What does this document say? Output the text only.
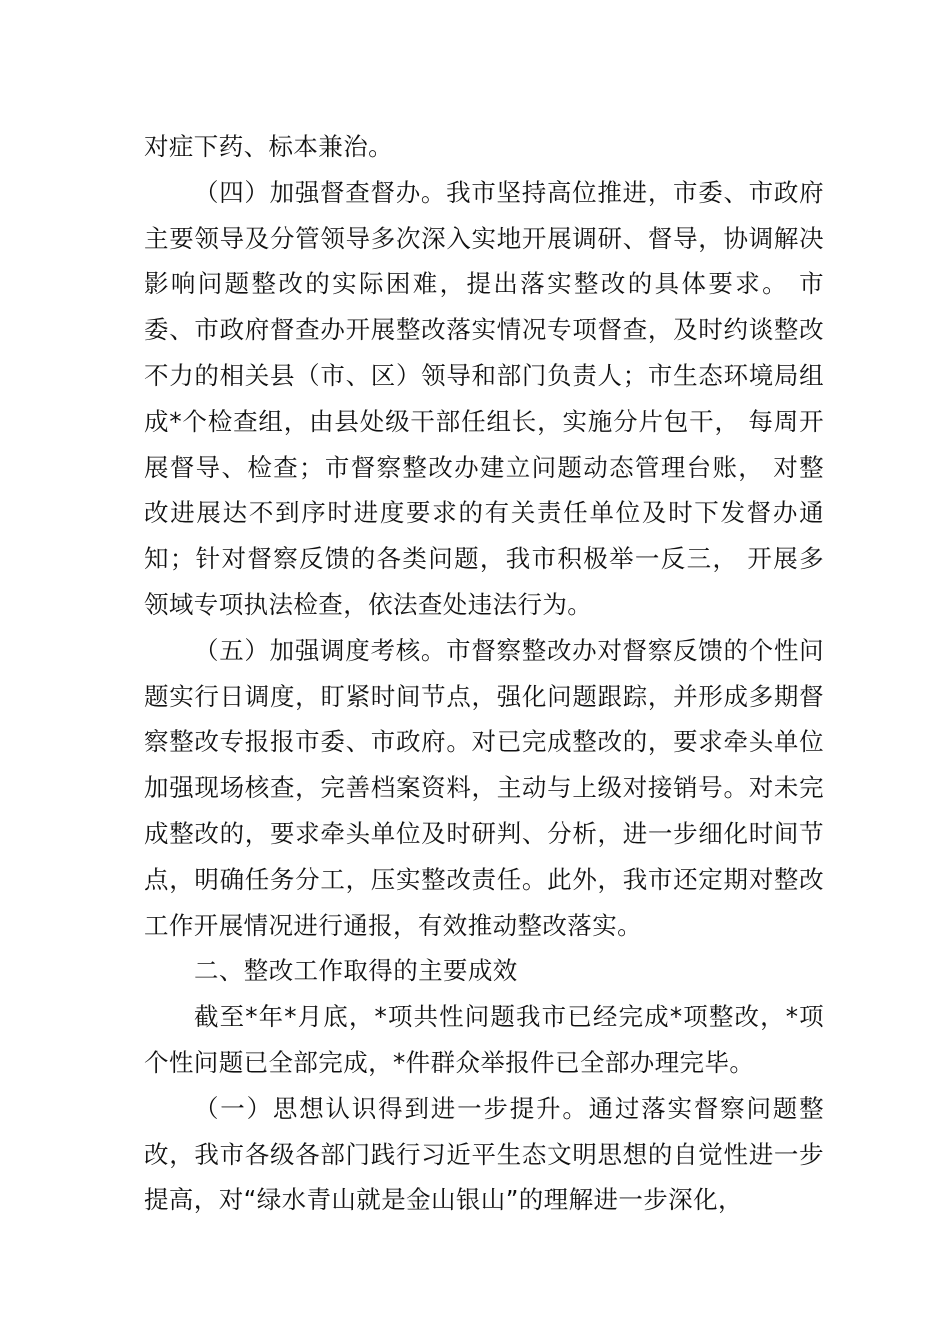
对症下药、标本兼治。

（四）加强督查督办。我市坚持高位推进，市委、市政府主要领导及分管领导多次深入实地开展调研、督导，协调解决影响问题整改的实际困难，提出落实整改的具体要求。 市委、市政府督查办开展整改落实情况专项督查，及时约谈整改不力的相关县（市、区）领导和部门负责人；市生态环境局组成*个检查组，由县处级干部任组长，实施分片包干， 每周开展督导、检查；市督察整改办建立问题动态管理台账， 对整改进展达不到序时进度要求的有关责任单位及时下发督办通知；针对督察反馈的各类问题，我市积极举一反三， 开展多领域专项执法检查，依法查处违法行为。

（五）加强调度考核。市督察整改办对督察反馈的个性问题实行日调度，盯紧时间节点，强化问题跟踪，并形成多期督察整改专报报市委、市政府。对已完成整改的，要求牵头单位加强现场核查，完善档案资料，主动与上级对接销号。对未完成整改的，要求牵头单位及时研判、分析，进一步细化时间节点，明确任务分工，压实整改责任。此外，我市还定期对整改工作开展情况进行通报，有效推动整改落实。

二、整改工作取得的主要成效

截至*年*月底，*项共性问题我市已经完成*项整改，*项个性问题已全部完成，*件群众举报件已全部办理完毕。

（一）思想认识得到进一步提升。通过落实督察问题整改，我市各级各部门践行习近平生态文明思想的自觉性进一步提高，对“绿水青山就是金山银山”的理解进一步深化，
